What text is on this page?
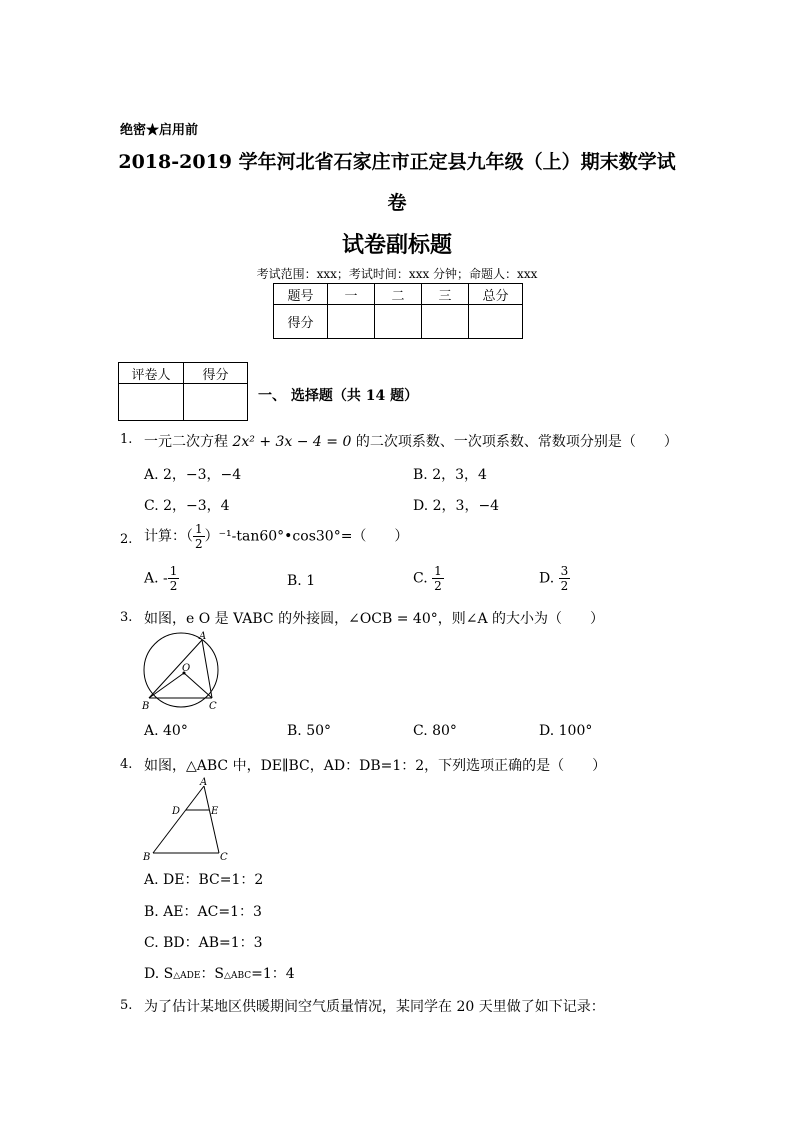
绝密★启用前
2018-2019 学年河北省石家庄市正定县九年级（上）期末数学试
卷
试卷副标题
考试范围：xxx；考试时间：xxx 分钟；命题人：xxx
题号	一	二	三	总分
得分				
评卷人	得分

一、 选择题（共 14 题）
1. 一元二次方程 2x² + 3x − 4 = 0 的二次项系数、一次项系数、常数项分别是（　　）
A. 2，−3，−4	B. 2，3，4
C. 2，−3，4	D. 2，3，−4
2. 计算：（ $\frac{1}{2}$ ）⁻¹-tan60°•cos30°=（　　）
A. - $\frac{1}{2}$	B. 1	C. $\frac{1}{2}$	D. $\frac{3}{2}$
3. 如图，e O 是 VABC 的外接圆，∠OCB = 40°，则∠A 的大小为（　　）
A
O
B	C
A. 40°	B. 50°	C. 80°	D. 100°
4. 如图，△ABC 中，DE∥BC，AD：DB=1：2，下列选项正确的是（　　）
A
D	E
B	C
A. DE：BC=1：2
B. AE：AC=1：3
C. BD：AB=1：3
D. S△ADE：S△ABC=1：4
5. 为了估计某地区供暖期间空气质量情况，某同学在 20 天里做了如下记录：
